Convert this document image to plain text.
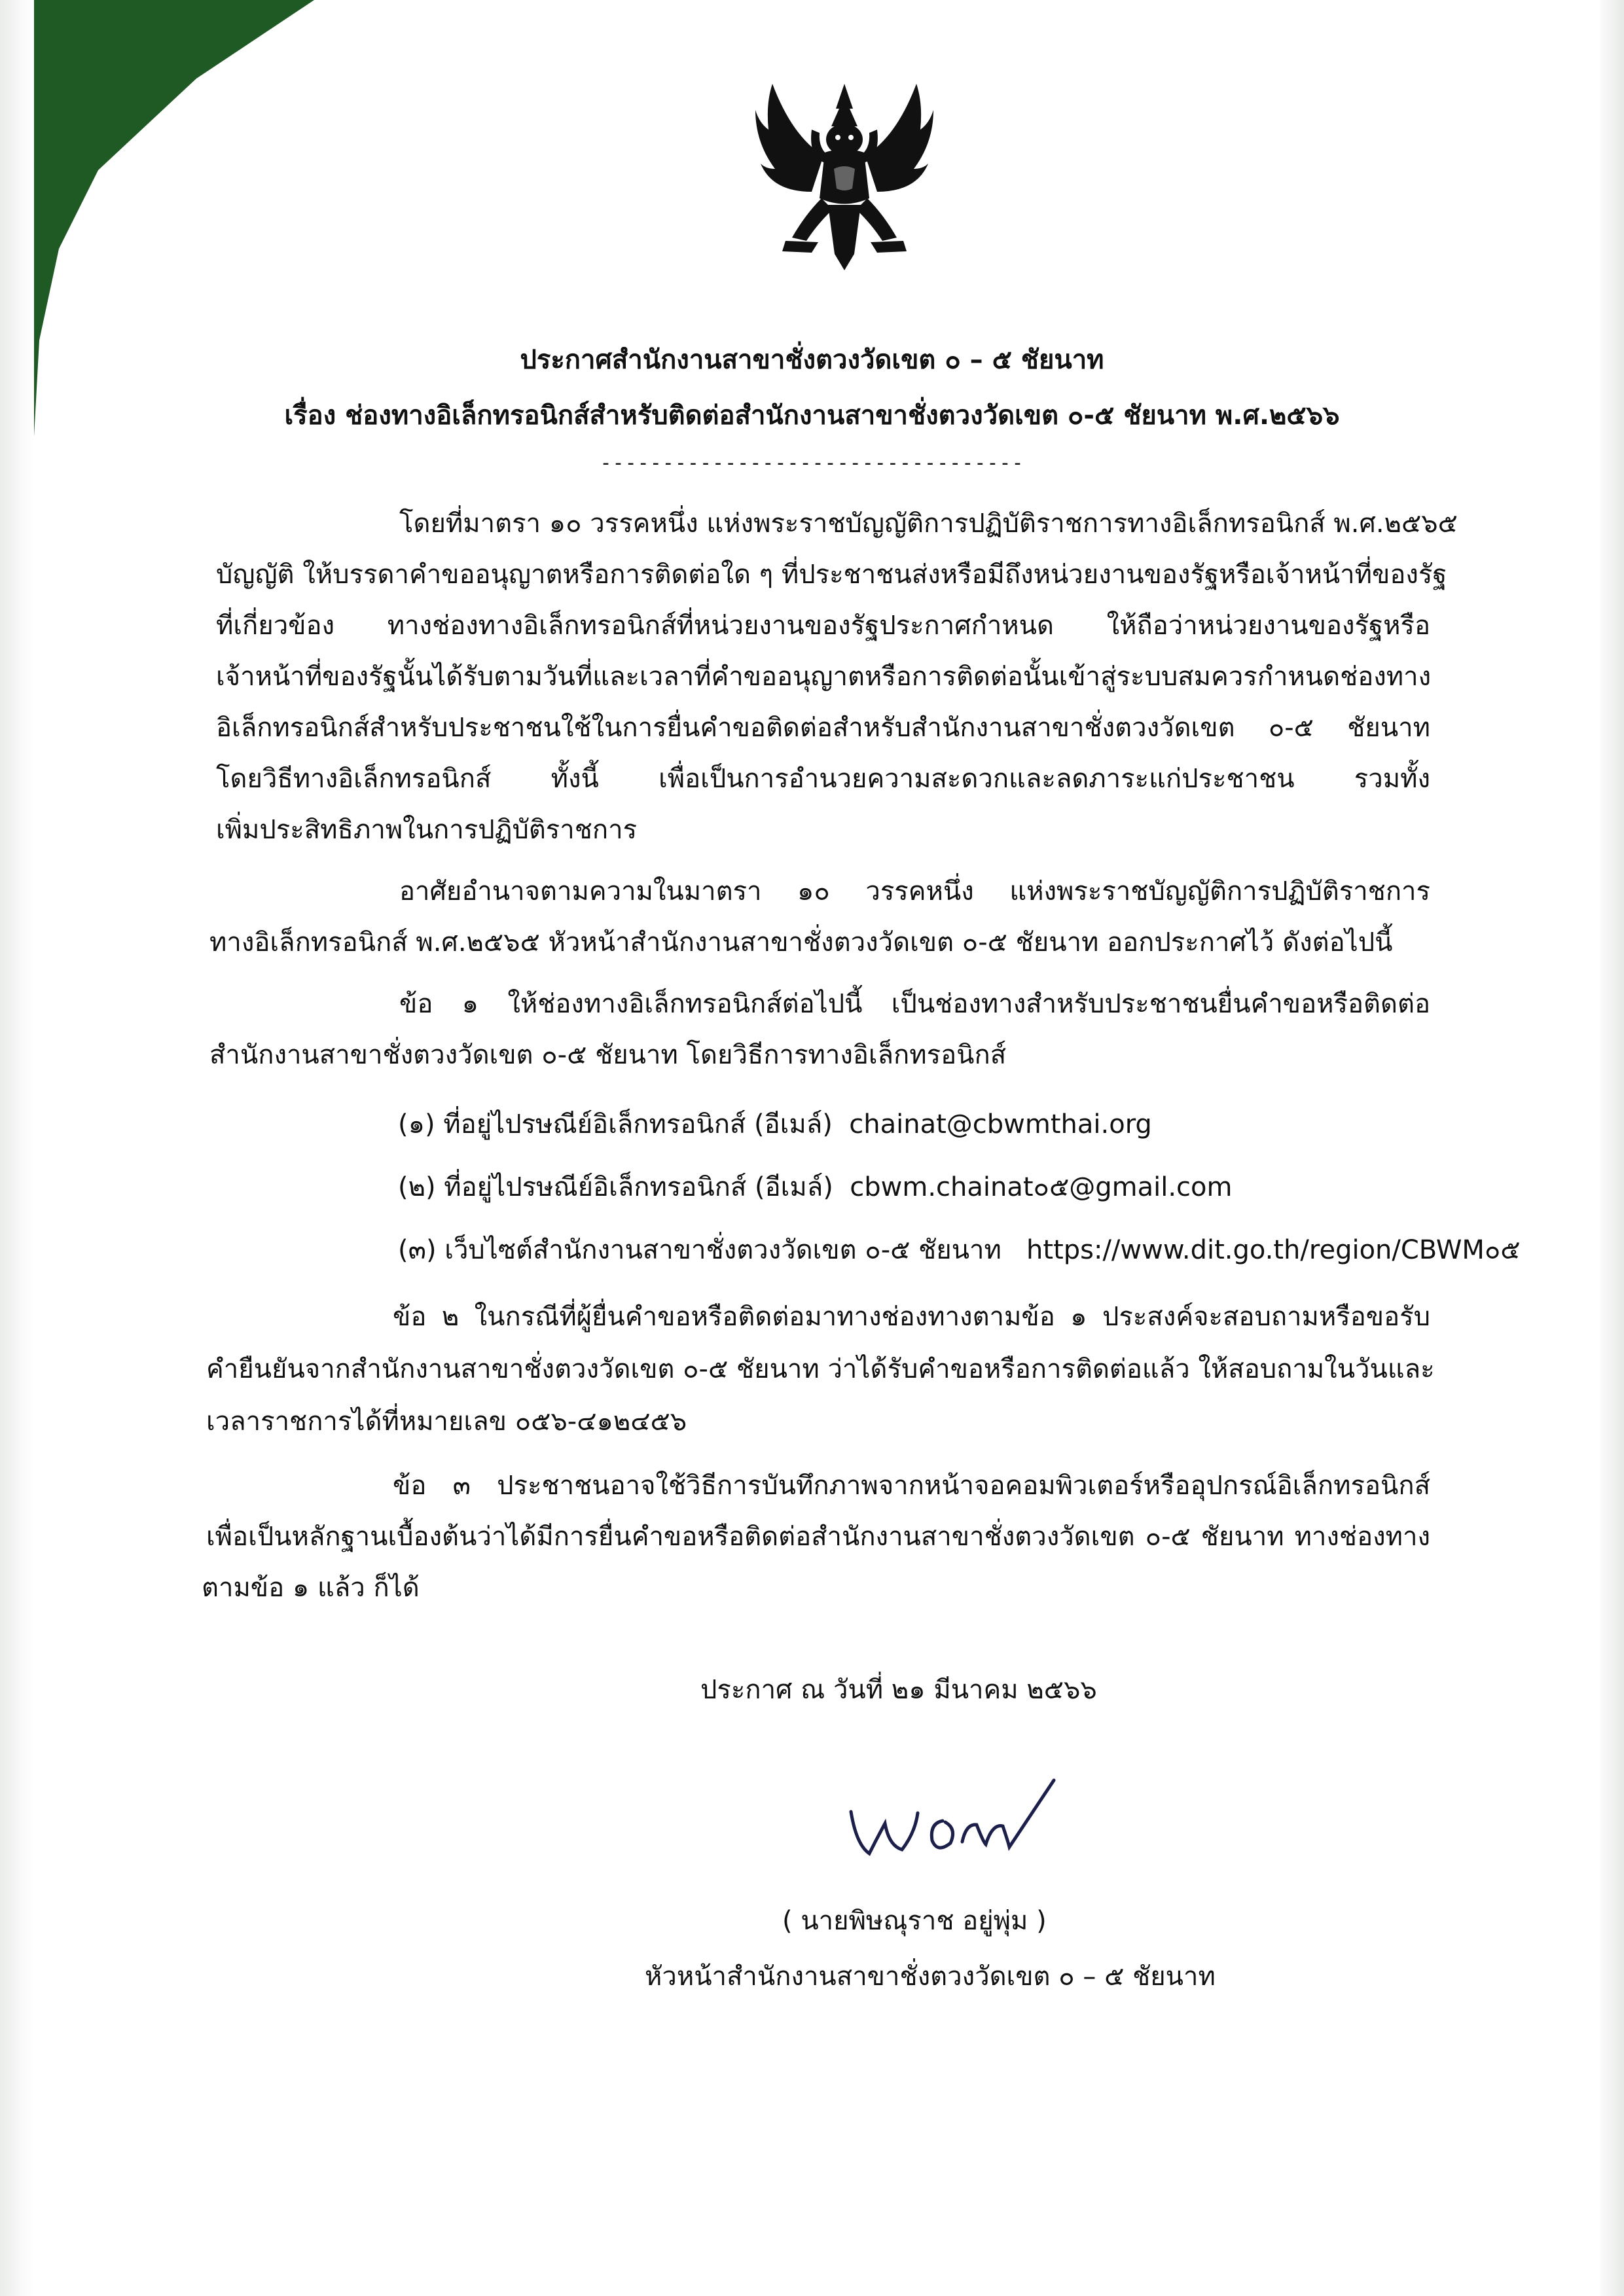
ประกาศสำนักงานสาขาชั่งตวงวัดเขต ๐ – ๕ ชัยนาท
เรื่อง ช่องทางอิเล็กทรอนิกส์สำหรับติดต่อสำนักงานสาขาชั่งตวงวัดเขต ๐-๕ ชัยนาท พ.ศ.๒๕๖๖
----------------------------------
โดยที่มาตรา ๑๐ วรรคหนึ่ง แห่งพระราชบัญญัติการปฏิบัติราชการทางอิเล็กทรอนิกส์ พ.ศ.๒๕๖๕
บัญญัติ ให้บรรดาคำขออนุญาตหรือการติดต่อใด ๆ ที่ประชาชนส่งหรือมีถึงหน่วยงานของรัฐหรือเจ้าหน้าที่ของรัฐ
ที่เกี่ยวข้อง ทางช่องทางอิเล็กทรอนิกส์ที่หน่วยงานของรัฐประกาศกำหนด ให้ถือว่าหน่วยงานของรัฐหรือ
เจ้าหน้าที่ของรัฐนั้นได้รับตามวันที่และเวลาที่คำขออนุญาตหรือการติดต่อนั้นเข้าสู่ระบบสมควรกำหนดช่องทาง
อิเล็กทรอนิกส์สำหรับประชาชนใช้ในการยื่นคำขอติดต่อสำหรับสำนักงานสาขาชั่งตวงวัดเขต ๐-๕ ชัยนาท
โดยวิธีทางอิเล็กทรอนิกส์ ทั้งนี้ เพื่อเป็นการอำนวยความสะดวกและลดภาระแก่ประชาชน รวมทั้ง
เพิ่มประสิทธิภาพในการปฏิบัติราชการ
อาศัยอำนาจตามความในมาตรา ๑๐ วรรคหนึ่ง แห่งพระราชบัญญัติการปฏิบัติราชการ
ทางอิเล็กทรอนิกส์ พ.ศ.๒๕๖๕ หัวหน้าสำนักงานสาขาชั่งตวงวัดเขต ๐-๕ ชัยนาท ออกประกาศไว้ ดังต่อไปนี้
ข้อ ๑ ให้ช่องทางอิเล็กทรอนิกส์ต่อไปนี้ เป็นช่องทางสำหรับประชาชนยื่นคำขอหรือติดต่อ
สำนักงานสาขาชั่งตวงวัดเขต ๐-๕ ชัยนาท โดยวิธีการทางอิเล็กทรอนิกส์
(๑) ที่อยู่ไปรษณีย์อิเล็กทรอนิกส์ (อีเมล์) chainat@cbwmthai.org
(๒) ที่อยู่ไปรษณีย์อิเล็กทรอนิกส์ (อีเมล์) cbwm.chainat๐๕@gmail.com
(๓) เว็บไซต์สำนักงานสาขาชั่งตวงวัดเขต ๐-๕ ชัยนาท https://www.dit.go.th/region/CBWM๐๕
ข้อ ๒ ในกรณีที่ผู้ยื่นคำขอหรือติดต่อมาทางช่องทางตามข้อ ๑ ประสงค์จะสอบถามหรือขอรับ
คำยืนยันจากสำนักงานสาขาชั่งตวงวัดเขต ๐-๕ ชัยนาท ว่าได้รับคำขอหรือการติดต่อแล้ว ให้สอบถามในวันและ
เวลาราชการได้ที่หมายเลข ๐๕๖-๔๑๒๔๕๖
ข้อ ๓ ประชาชนอาจใช้วิธีการบันทึกภาพจากหน้าจอคอมพิวเตอร์หรืออุปกรณ์อิเล็กทรอนิกส์
เพื่อเป็นหลักฐานเบื้องต้นว่าได้มีการยื่นคำขอหรือติดต่อสำนักงานสาขาชั่งตวงวัดเขต ๐-๕ ชัยนาท ทางช่องทาง
ตามข้อ ๑ แล้ว ก็ได้
ประกาศ ณ วันที่ ๒๑ มีนาคม ๒๕๖๖
( นายพิษณุราช อยู่พุ่ม )
หัวหน้าสำนักงานสาขาชั่งตวงวัดเขต ๐ – ๕ ชัยนาท
